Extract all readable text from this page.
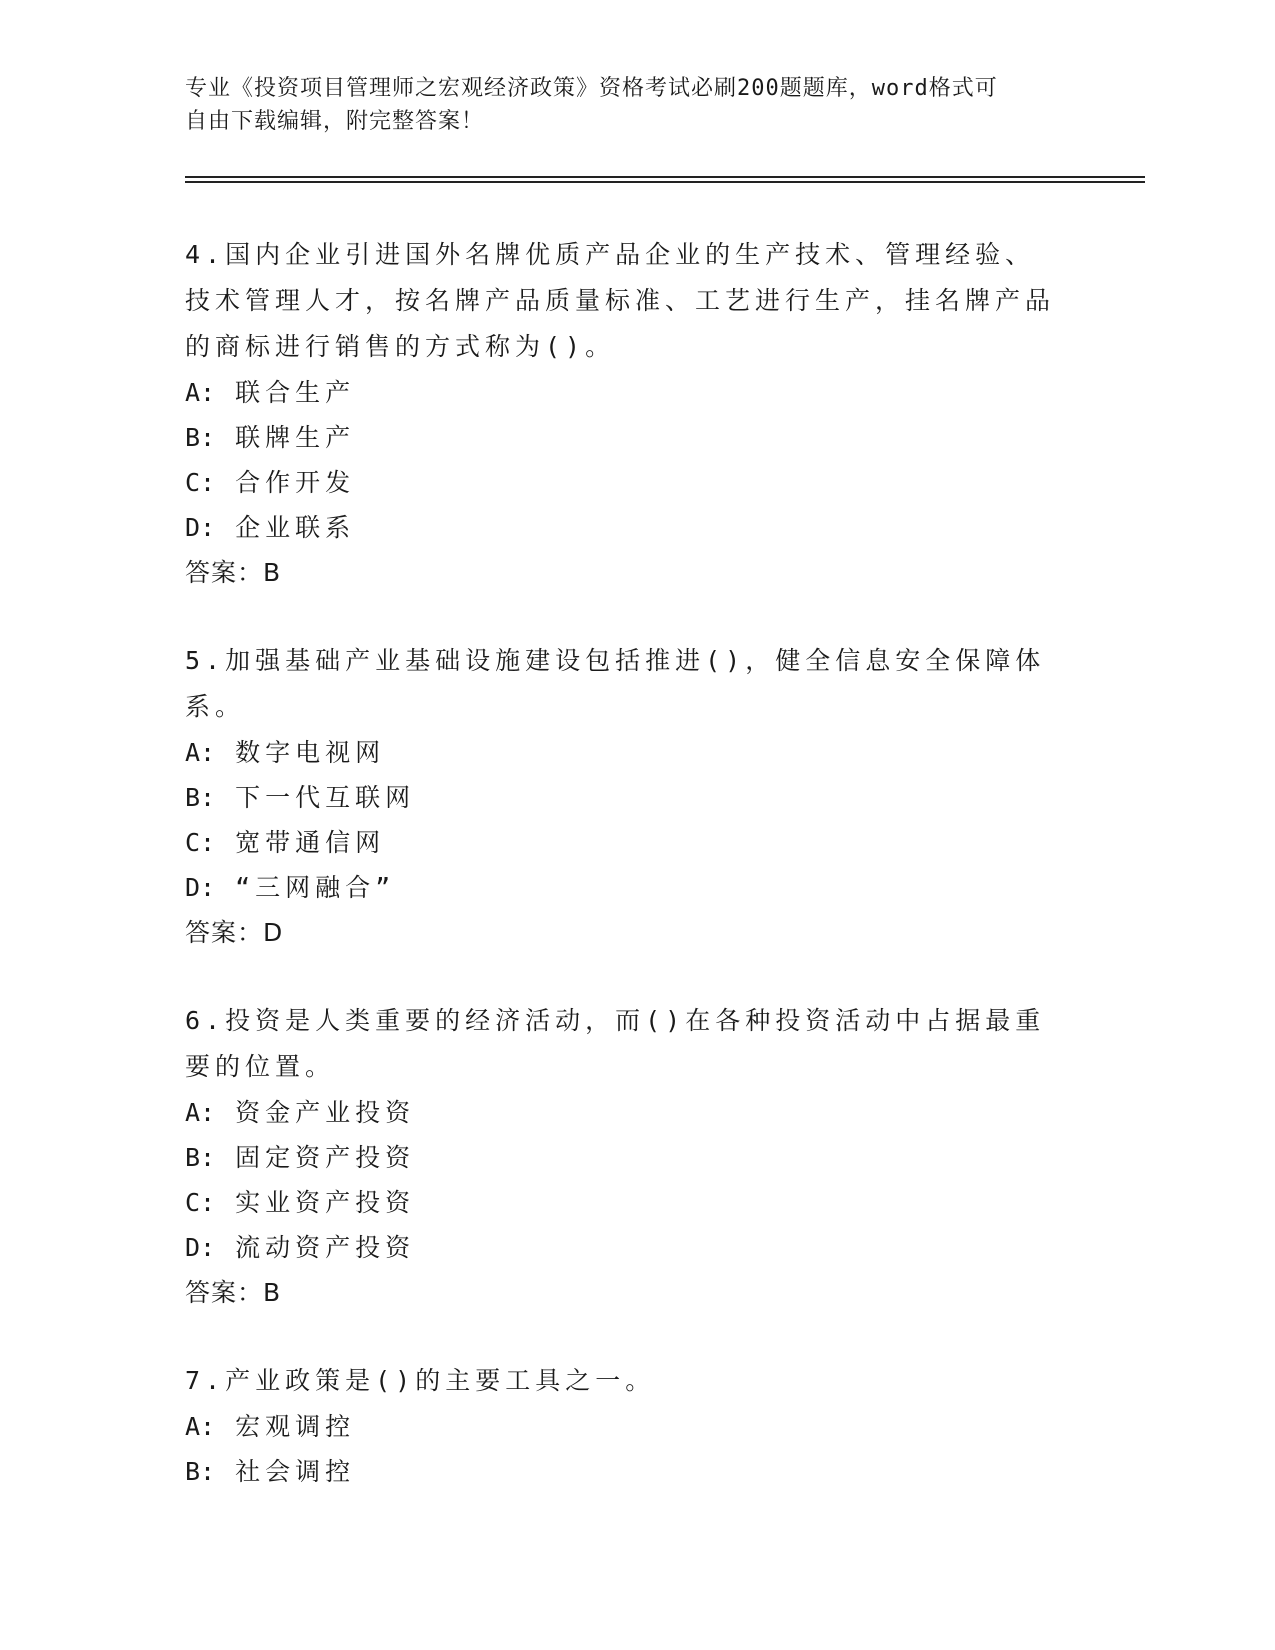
专业《投资项目管理师之宏观经济政策》资格考试必刷200题题库，word格式可
自由下载编辑，附完整答案！
4.国内企业引进国外名牌优质产品企业的生产技术、管理经验、技术管理人才，按名牌产品质量标准、工艺进行生产，挂名牌产品的商标进行销售的方式称为()。
A: 联合生产
B: 联牌生产
C: 合作开发
D: 企业联系
答案：B
5.加强基础产业基础设施建设包括推进()，健全信息安全保障体系。
A: 数字电视网
B: 下一代互联网
C: 宽带通信网
D: “三网融合”
答案：D
6.投资是人类重要的经济活动，而()在各种投资活动中占据最重要的位置。
A: 资金产业投资
B: 固定资产投资
C: 实业资产投资
D: 流动资产投资
答案：B
7.产业政策是()的主要工具之一。
A: 宏观调控
B: 社会调控
